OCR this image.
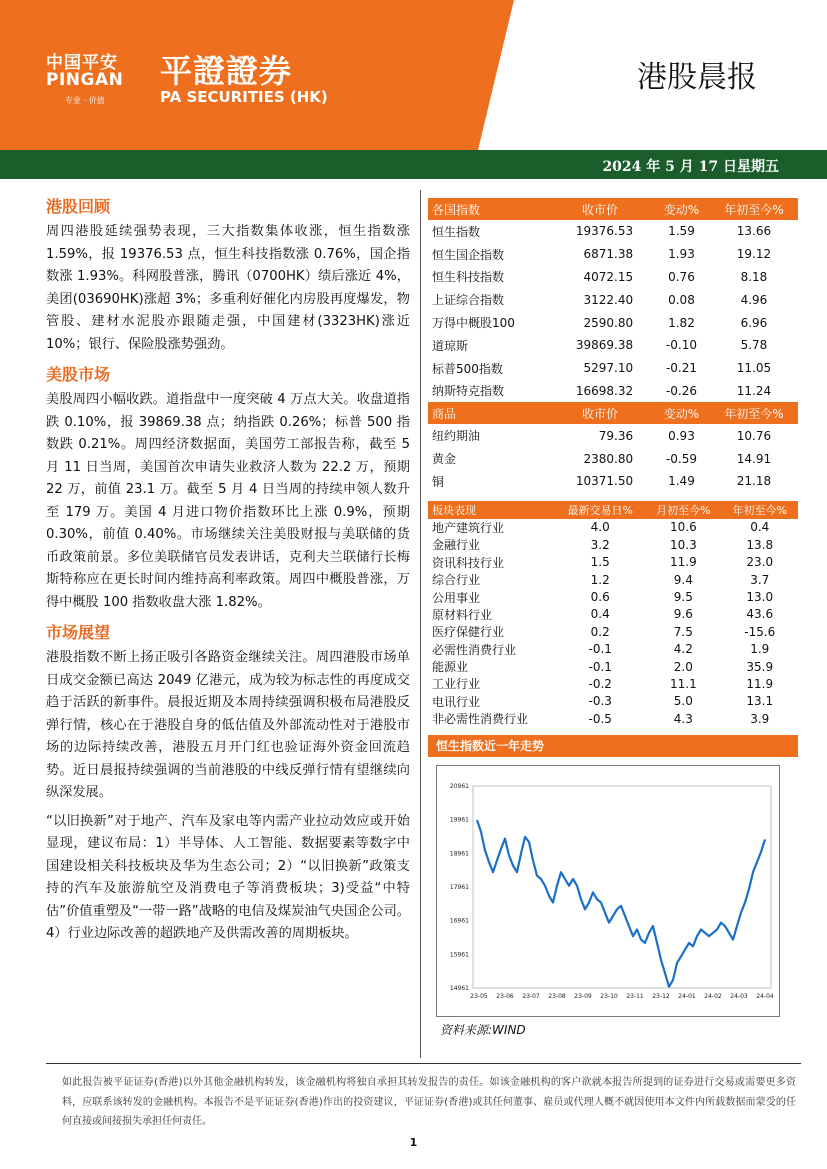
中国平安
PINGAN
专业 · 价值
平證證券
PA SECURITIES (HK)
港股晨报
2024 年 5 月 17 日星期五
港股回顾

周四港股延续强势表现，三大指数集体收涨，恒生指数涨 1.59%，报 19376.53 点，恒生科技指数涨 0.76%，国企指数涨 1.93%。科网股普涨，腾讯（0700HK）绩后涨近 4%，美团(03690HK)涨超 3%；多重利好催化内房股再度爆发，物管股、建材水泥股亦跟随走强，中国建材(3323HK)涨近 10%；银行、保险股涨势强劲。

美股市场

美股周四小幅收跌。道指盘中一度突破 4 万点大关。收盘道指跌 0.10%，报 39869.38 点；纳指跌 0.26%；标普 500 指数跌 0.21%。周四经济数据面，美国劳工部报告称，截至 5 月 11 日当周，美国首次申请失业救济人数为 22.2 万，预期 22 万，前值 23.1 万。截至 5 月 4 日当周的持续申领人数升至 179 万。美国 4 月进口物价指数环比上涨 0.9%，预期 0.30%，前值 0.40%。市场继续关注美股财报与美联储的货币政策前景。多位美联储官员发表讲话，克利夫兰联储行长梅斯特称应在更长时间内维持高利率政策。周四中概股普涨，万得中概股 100 指数收盘大涨 1.82%。

市场展望

港股指数不断上扬正吸引各路资金继续关注。周四港股市场单日成交金额已高达 2049 亿港元，成为较为标志性的再度成交趋于活跃的新事件。晨报近期及本周持续强调积极布局港股反弹行情，核心在于港股自身的低估值及外部流动性对于港股市场的边际持续改善，港股五月开门红也验证海外资金回流趋势。近日晨报持续强调的当前港股的中线反弹行情有望继续向纵深发展。

“以旧换新”对于地产、汽车及家电等内需产业拉动效应或开始显现，建议布局：1）半导体、人工智能、数据要素等数字中国建设相关科技板块及华为生态公司；2）“以旧换新”政策支持的汽车及旅游航空及消费电子等消费板块；3)受益“中特估”价值重塑及“一带一路”战略的电信及煤炭油气央国企公司。4）行业边际改善的超跌地产及供需改善的周期板块。

各国指数	收市价	变动%	年初至今%
恒生指数	19376.53	1.59	13.66
恒生国企指数	6871.38	1.93	19.12
恒生科技指数	4072.15	0.76	8.18
上证综合指数	3122.40	0.08	4.96
万得中概股100	2590.80	1.82	6.96
道琼斯	39869.38	-0.10	5.78
标普500指数	5297.10	-0.21	11.05
纳斯特克指数	16698.32	-0.26	11.24
商品	收市价	变动%	年初至今%
纽约期油	79.36	0.93	10.76
黄金	2380.80	-0.59	14.91
铜	10371.50	1.49	21.18
板块表现	最新交易日%	月初至今%	年初至今%
地产建筑行业	4.0	10.6	0.4
金融行业	3.2	10.3	13.8
资讯科技行业	1.5	11.9	23.0
综合行业	1.2	9.4	3.7
公用事业	0.6	9.5	13.0
原材料行业	0.4	9.6	43.6
医疗保健行业	0.2	7.5	-15.6
必需性消费行业	-0.1	4.2	1.9
能源业	-0.1	2.0	35.9
工业行业	-0.2	11.1	11.9
电讯行业	-0.3	5.0	13.1
非必需性消费行业	-0.5	4.3	3.9
恒生指数近一年走势
20961
19961
18961
17961
16961
15961
14961
23-05 23-06 23-07 23-08 23-09 23-10 23-11 23-12 24-01 24-02 24-03 24-04
资料来源:WIND
如此报告被平证证券(香港)以外其他金融机构转发，该金融机构将独自承担其转发报告的责任。如该金融机构的客户欲就本报告所提到的证券进行交易或需要更多资料，应联系该转发的金融机构。本报告不是平证证券(香港)作出的投资建议，平证证券(香港)或其任何董事、雇员或代理人概不就因使用本文件内所载数据而蒙受的任何直接或间接损失承担任何责任。
1
